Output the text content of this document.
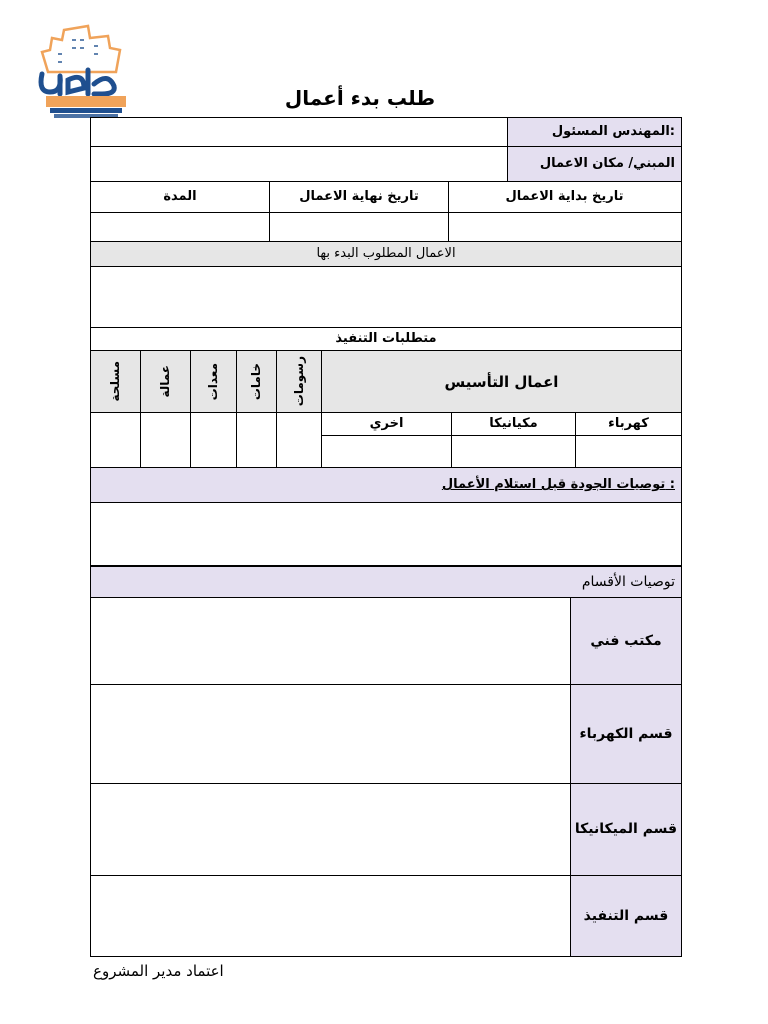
طلب بدء أعمال
المهندس المسئول:
المبني/ مكان الاعمال
تاريخ بداية الاعمال
تاريخ نهاية الاعمال
المدة
الاعمال المطلوب البدء بها
متطلبات التنفيذ
رسومات
خامات
معدات
عمالة
مسلحة	اعمال التأسيس
كهرباء
مكيانيكا
اخري
توصيات الجودة قبل استلام الأعمال :
توصيات الأقسام
مكتب فني
قسم الكهرباء
قسم الميكانيكا
قسم التنفيذ
اعتماد مدير المشروع
